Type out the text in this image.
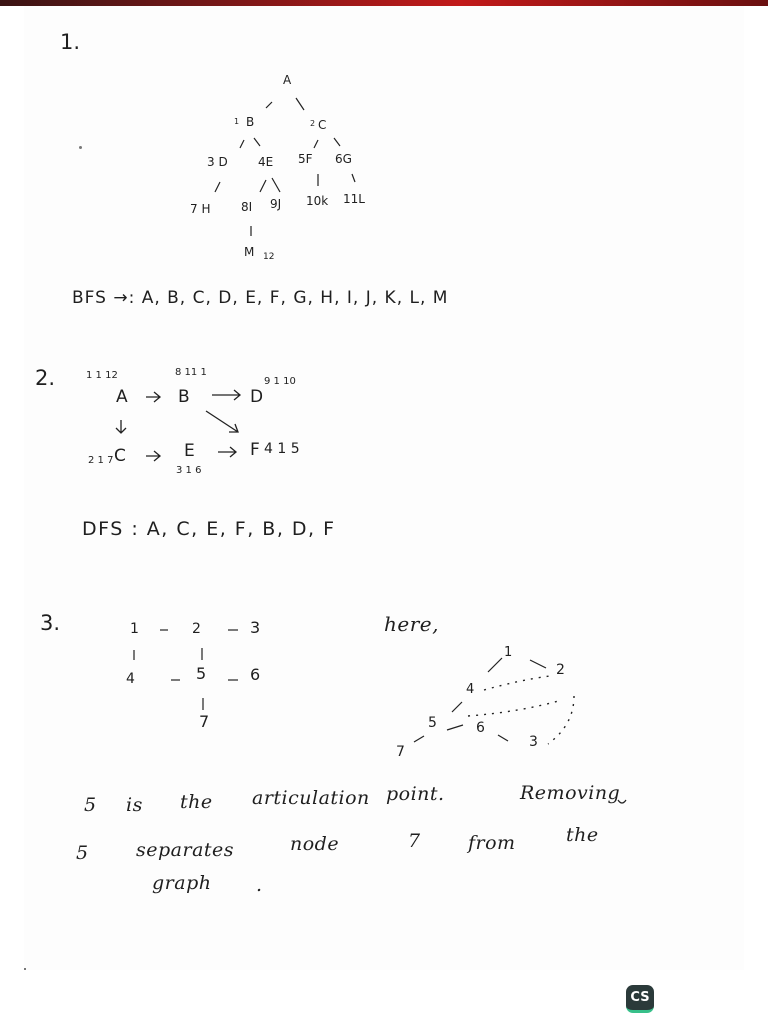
1.
A
1 B	2 C
3 D	4E 5F 6G
7 H	8I 9J 10k 11L
M 12
BFS →: A, B, C, D, E, F, G, H, I, J, K, L, M
2.	1 1 12
A
8 11 1
B	D
9 1 10
2 1 7 C	E
3 1 6
F 4 1 5
DFS : A, C, E, F, B, D, F
3.	1	2	3
4	5	6
7
here,
1
2
4
5	6
3
7
5 is the articulation point.	Removing
5 separates	node	7 from	the
graph .
CS
